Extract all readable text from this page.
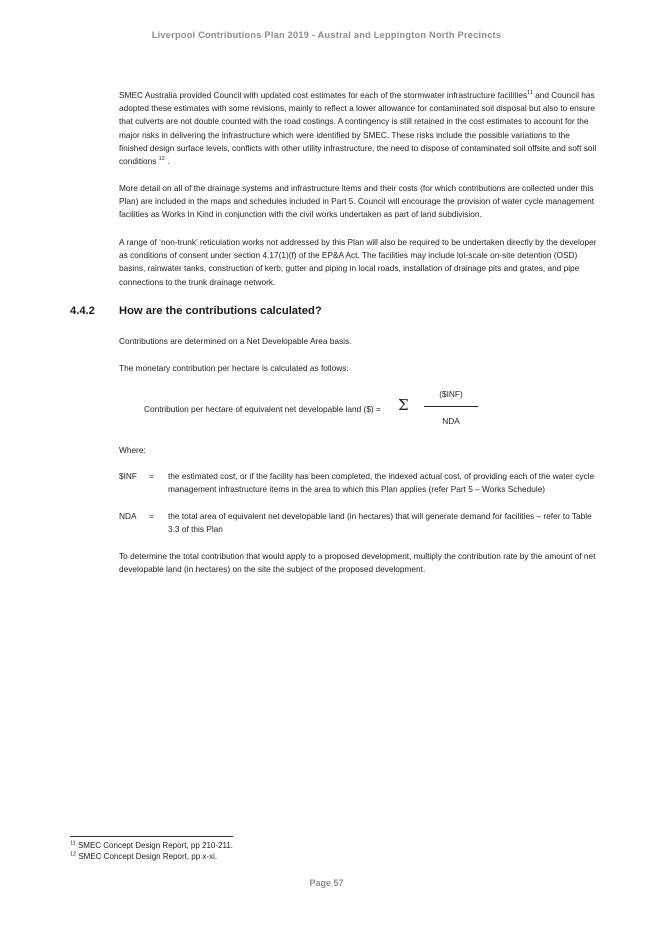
Liverpool Contributions Plan 2019 - Austral and Leppington North Precincts
SMEC Australia provided Council with updated cost estimates for each of the stormwater infrastructure facilities$^{11}$ and Council has adopted these estimates with some revisions, mainly to reflect a lower allowance for contaminated soil disposal but also to ensure that culverts are not double counted with the road costings. A contingency is still retained in the cost estimates to account for the major risks in delivering the infrastructure which were identified by SMEC. These risks include the possible variations to the finished design surface levels, conflicts with other utility infrastructure, the need to dispose of contaminated soil offsite and soft soil conditions $^{12}$ .
More detail on all of the drainage systems and infrastructure items and their costs (for which contributions are collected under this Plan) are included in the maps and schedules included in Part 5. Council will encourage the provision of water cycle management facilities as Works In Kind in conjunction with the civil works undertaken as part of land subdivision.
A range of ‘non-trunk’ reticulation works not addressed by this Plan will also be required to be undertaken directly by the developer as conditions of consent under section 4.17(1)(f) of the EP&A Act. The facilities may include lot-scale on-site detention (OSD) basins, rainwater tanks, construction of kerb, gutter and piping in local roads, installation of drainage pits and grates, and pipe connections to the trunk drainage network.
4.4.2 How are the contributions calculated?
Contributions are determined on a Net Developable Area basis.
The monetary contribution per hectare is calculated as follows:
Contribution per hectare of equivalent net developable land ($) = Σ
($INF)
NDA
Where:
$INF = the estimated cost, or if the facility has been completed, the indexed actual cost, of providing each of the water cycle management infrastructure items in the area to which this Plan applies (refer Part 5 – Works Schedule)
NDA = the total area of equivalent net developable land (in hectares) that will generate demand for facilities – refer to Table 3.3 of this Plan
To determine the total contribution that would apply to a proposed development, multiply the contribution rate by the amount of net developable land (in hectares) on the site the subject of the proposed development.
$^{11}$ SMEC Concept Design Report, pp 210-211.
$^{12}$ SMEC Concept Design Report, pp x-xi.
Page 57
